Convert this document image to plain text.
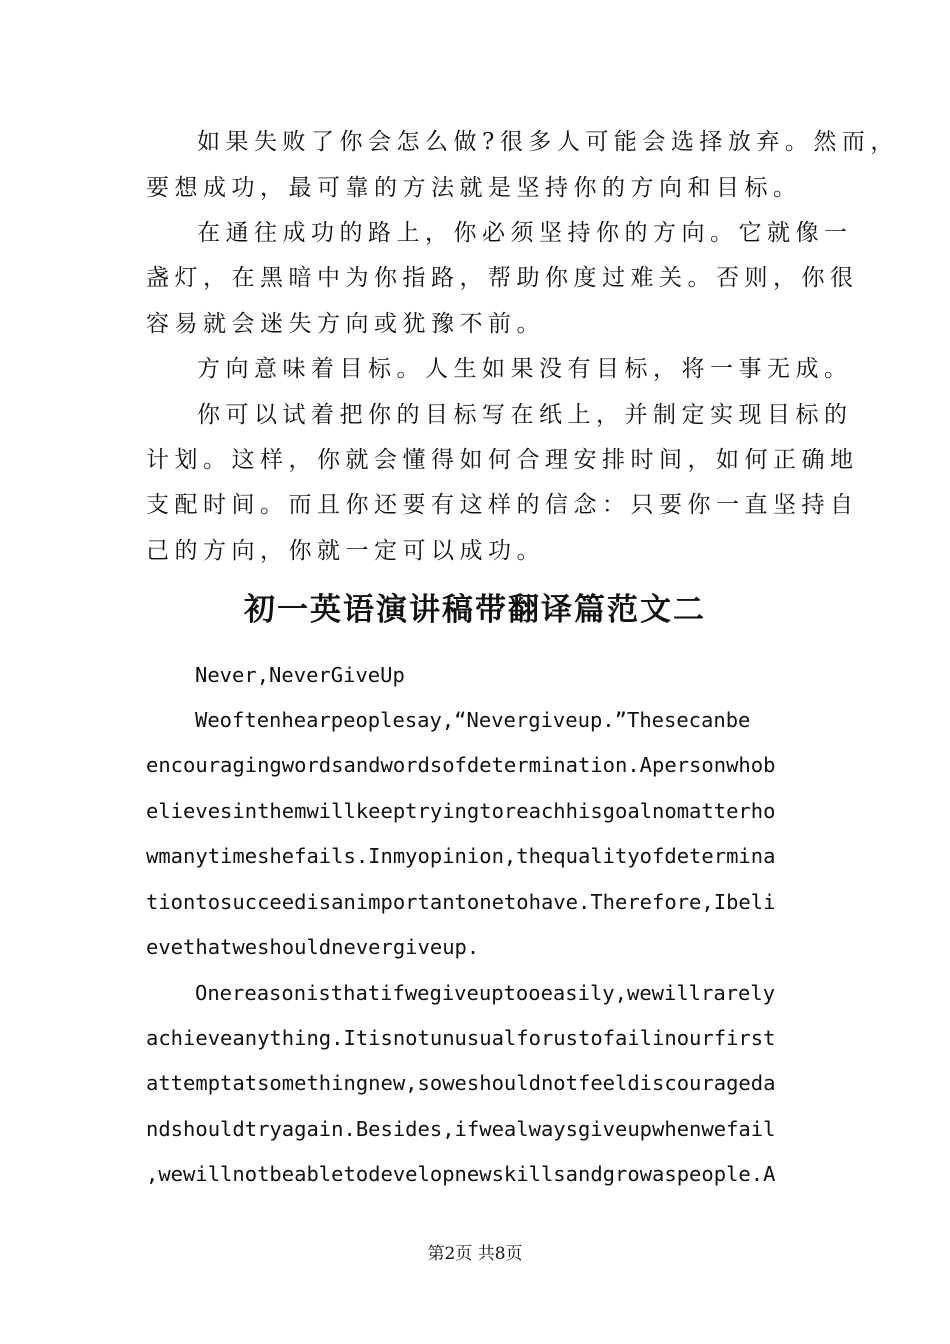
如果失败了你会怎么做?很多人可能会选择放弃。然而，
要想成功，最可靠的方法就是坚持你的方向和目标。
在通往成功的路上，你必须坚持你的方向。它就像一
盏灯，在黑暗中为你指路，帮助你度过难关。否则，你很
容易就会迷失方向或犹豫不前。
方向意味着目标。人生如果没有目标，将一事无成。
你可以试着把你的目标写在纸上，并制定实现目标的
计划。这样，你就会懂得如何合理安排时间，如何正确地
支配时间。而且你还要有这样的信念：只要你一直坚持自
己的方向，你就一定可以成功。
初一英语演讲稿带翻译篇范文二
Never,NeverGiveUp
Weoftenhearpeoplesay,“Nevergiveup.”Thesecanbe
encouragingwordsandwordsofdetermination.Apersonwhob
elievesinthemwillkeeptryingtoreachhisgoalnomatterho
wmanytimeshefails.Inmyopinion,thequalityofdetermina
tiontosucceedisanimportantonetohave.Therefore,Ibeli
evethatweshouldnevergiveup.
Onereasonisthatifwegiveuptooeasily,wewillrarely
achieveanything.Itisnotunusualforustofailinourfirst
attemptatsomethingnew,soweshouldnotfeeldiscouragedа
ndshouldtryagain.Besides,ifwealwaysgiveupwhenwefail
,wewillnotbeabletodevelopnewskillsandgrowaspeople.A
第2页 共8页
